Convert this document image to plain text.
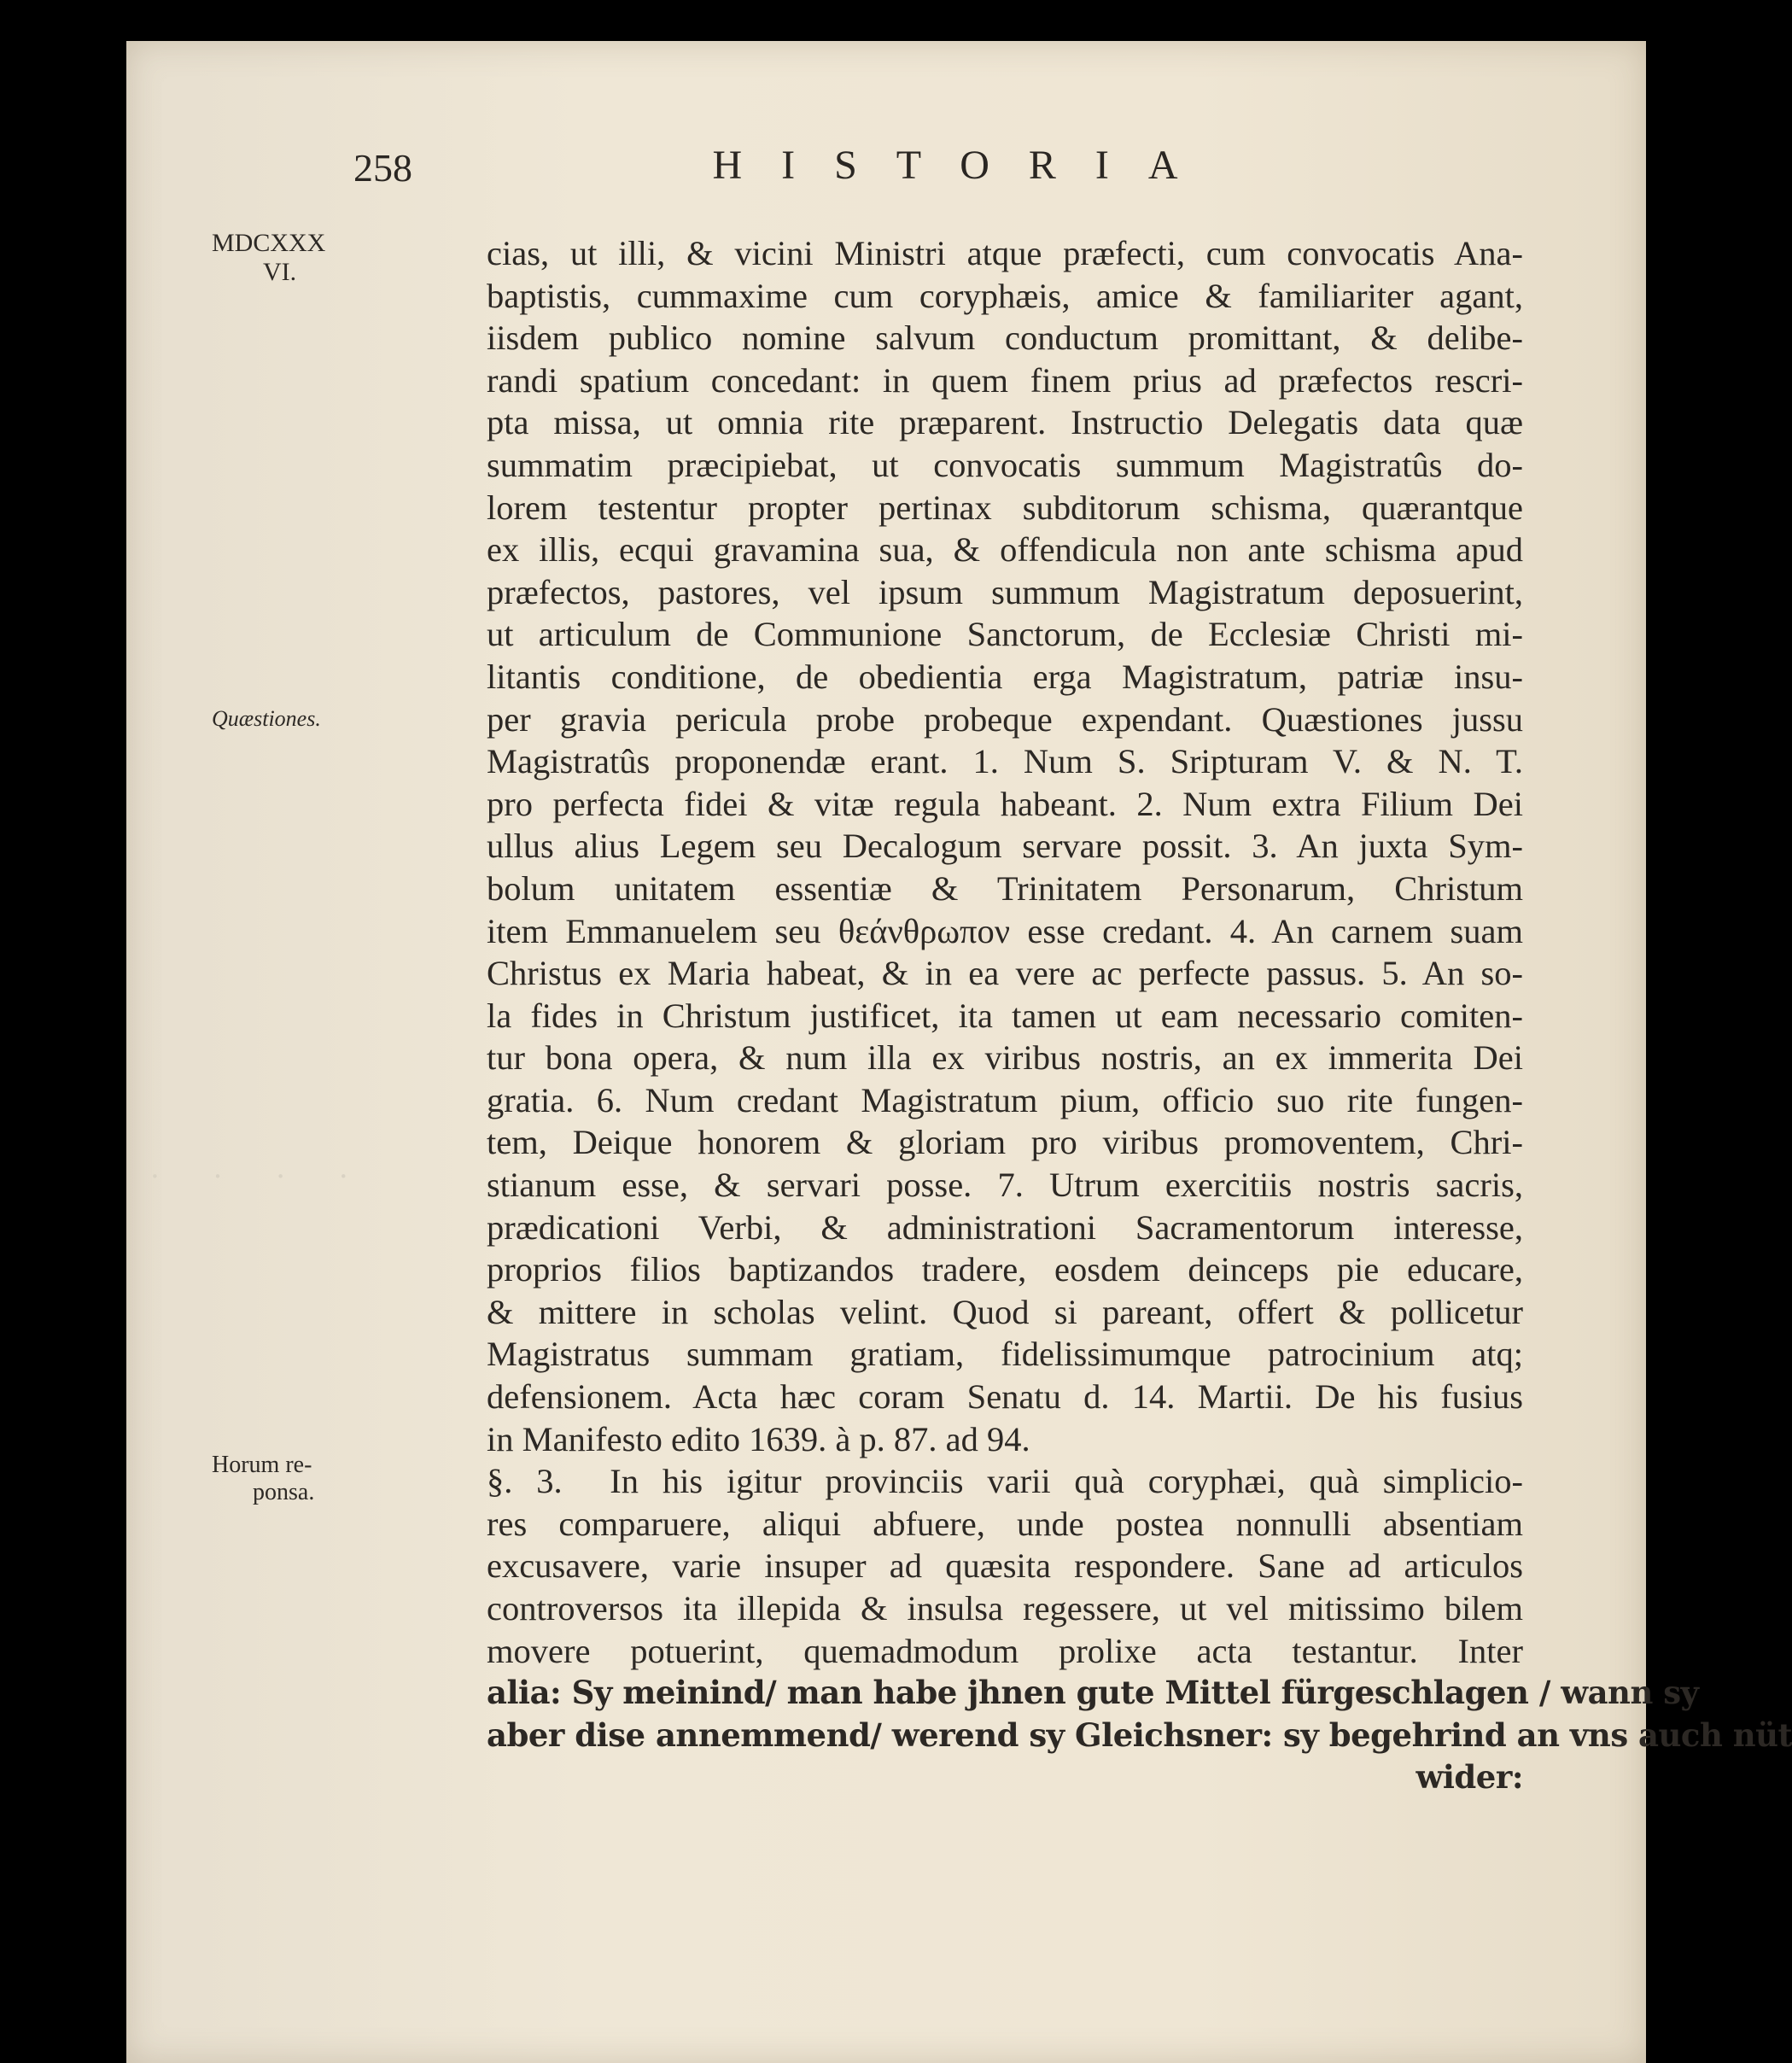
· · · ·
258	HISTORIA
MDCXXX
VI.
Quæstiones.
Horum re-
ponsa.
cias, ut illi, & vicini Ministri atque præfecti, cum convocatis Ana-
baptistis, cummaxime cum coryphæis, amice & familiariter agant,
iisdem publico nomine salvum conductum promittant, & delibe-
randi spatium concedant: in quem finem prius ad præfectos rescri-
pta missa, ut omnia rite præparent. Instructio Delegatis data quæ
summatim præcipiebat, ut convocatis summum Magistratûs do-
lorem testentur propter pertinax subditorum schisma, quærantque
ex illis, ecqui gravamina sua, & offendicula non ante schisma apud
præfectos, pastores, vel ipsum summum Magistratum deposuerint,
ut articulum de Communione Sanctorum, de Ecclesiæ Christi mi-
litantis conditione, de obedientia erga Magistratum, patriæ insu-
per gravia pericula probe probeque expendant. Quæstiones jussu
Magistratûs proponendæ erant. 1. Num S. Sripturam V. & N. T.
pro perfecta fidei & vitæ regula habeant. 2. Num extra Filium Dei
ullus alius Legem seu Decalogum servare possit. 3. An juxta Sym-
bolum unitatem essentiæ & Trinitatem Personarum, Christum
item Emmanuelem seu θεάνθρωπον esse credant. 4. An carnem suam
Christus ex Maria habeat, & in ea vere ac perfecte passus. 5. An so-
la fides in Christum justificet, ita tamen ut eam necessario comiten-
tur bona opera, & num illa ex viribus nostris, an ex immerita Dei
gratia. 6. Num credant Magistratum pium, officio suo rite fungen-
tem, Deique honorem & gloriam pro viribus promoventem, Chri-
stianum esse, & servari posse. 7. Utrum exercitiis nostris sacris,
prædicationi Verbi, & administrationi Sacramentorum interesse,
proprios filios baptizandos tradere, eosdem deinceps pie educare,
& mittere in scholas velint. Quod si pareant, offert & pollicetur
Magistratus summam gratiam, fidelissimumque patrocinium atq;
defensionem. Acta hæc coram Senatu d. 14. Martii. De his fusius
in Manifesto edito 1639. à p. 87. ad 94.
§. 3. In his igitur provinciis varii quà coryphæi, quà simplicio-
res comparuere, aliqui abfuere, unde postea nonnulli absentiam
excusavere, varie insuper ad quæsita respondere. Sane ad articulos
controversos ita illepida & insulsa regessere, ut vel mitissimo bilem
movere potuerint, quemadmodum prolixe acta testantur. Inter
alia: Sy meinind/ man habe jhnen gute Mittel fürgeschlagen / wann sy
aber dise annemmend/ werend sy Gleichsner: sy begehrind an vns auch nüt
wider:
